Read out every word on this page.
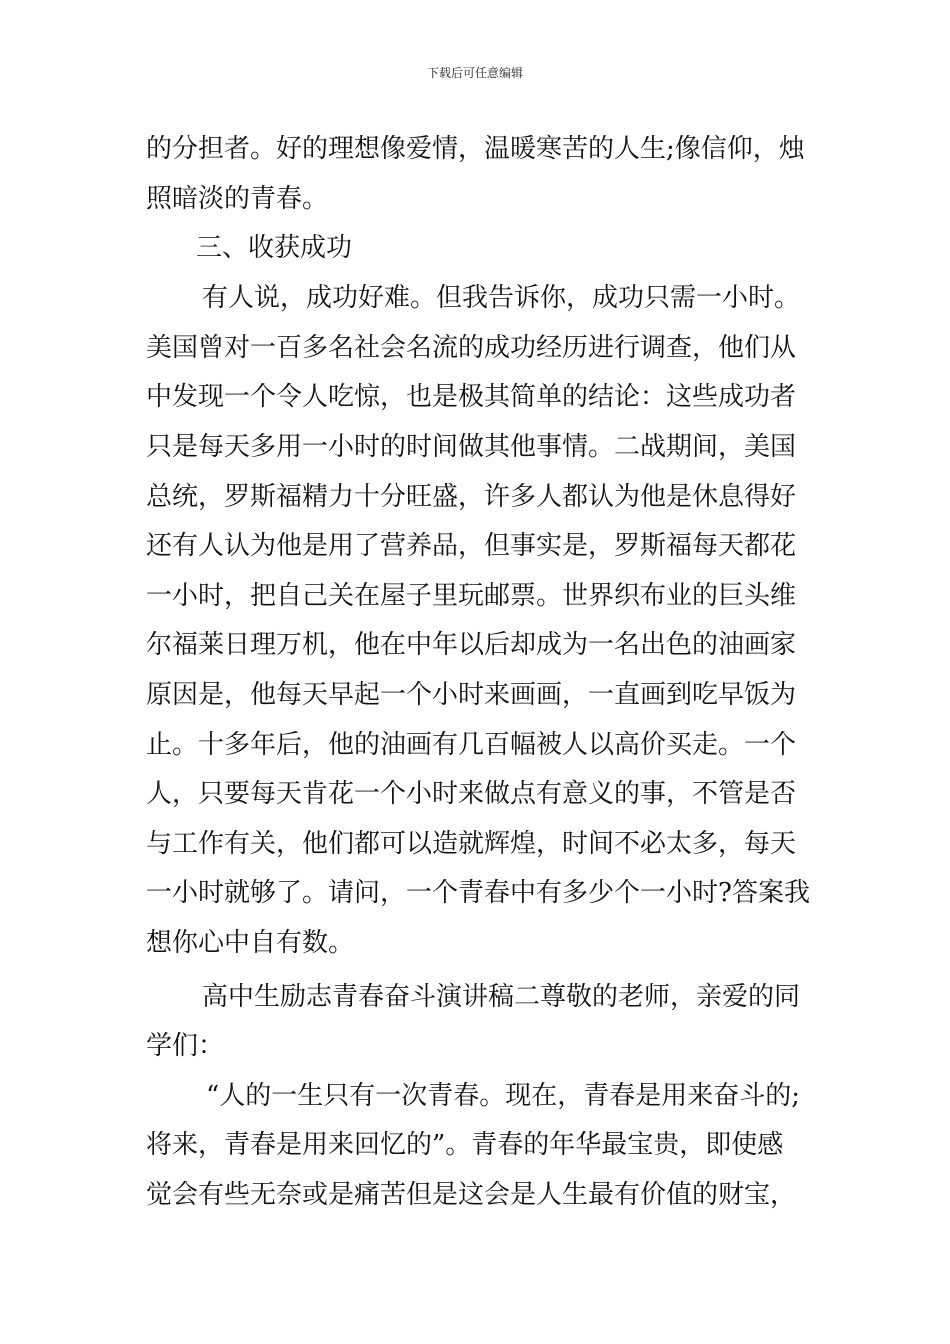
下载后可任意编辑
的分担者。好的理想像爱情，温暖寒苦的人生;像信仰，烛
照暗淡的青春。
三、收获成功
有人说，成功好难。但我告诉你，成功只需一小时。
美国曾对一百多名社会名流的成功经历进行调查，他们从
中发现一个令人吃惊，也是极其简单的结论：这些成功者
只是每天多用一小时的时间做其他事情。二战期间，美国
总统，罗斯福精力十分旺盛，许多人都认为他是休息得好
还有人认为他是用了营养品，但事实是，罗斯福每天都花
一小时，把自己关在屋子里玩邮票。世界织布业的巨头维
尔福莱日理万机，他在中年以后却成为一名出色的油画家
原因是，他每天早起一个小时来画画，一直画到吃早饭为
止。十多年后，他的油画有几百幅被人以高价买走。一个
人，只要每天肯花一个小时来做点有意义的事，不管是否
与工作有关，他们都可以造就辉煌，时间不必太多，每天
一小时就够了。请问，一个青春中有多少个一小时?答案我
想你心中自有数。
高中生励志青春奋斗演讲稿二尊敬的老师，亲爱的同
学们：
“人的一生只有一次青春。现在，青春是用来奋斗的;
将来，青春是用来回忆的”。青春的年华最宝贵，即使感
觉会有些无奈或是痛苦但是这会是人生最有价值的财宝，
